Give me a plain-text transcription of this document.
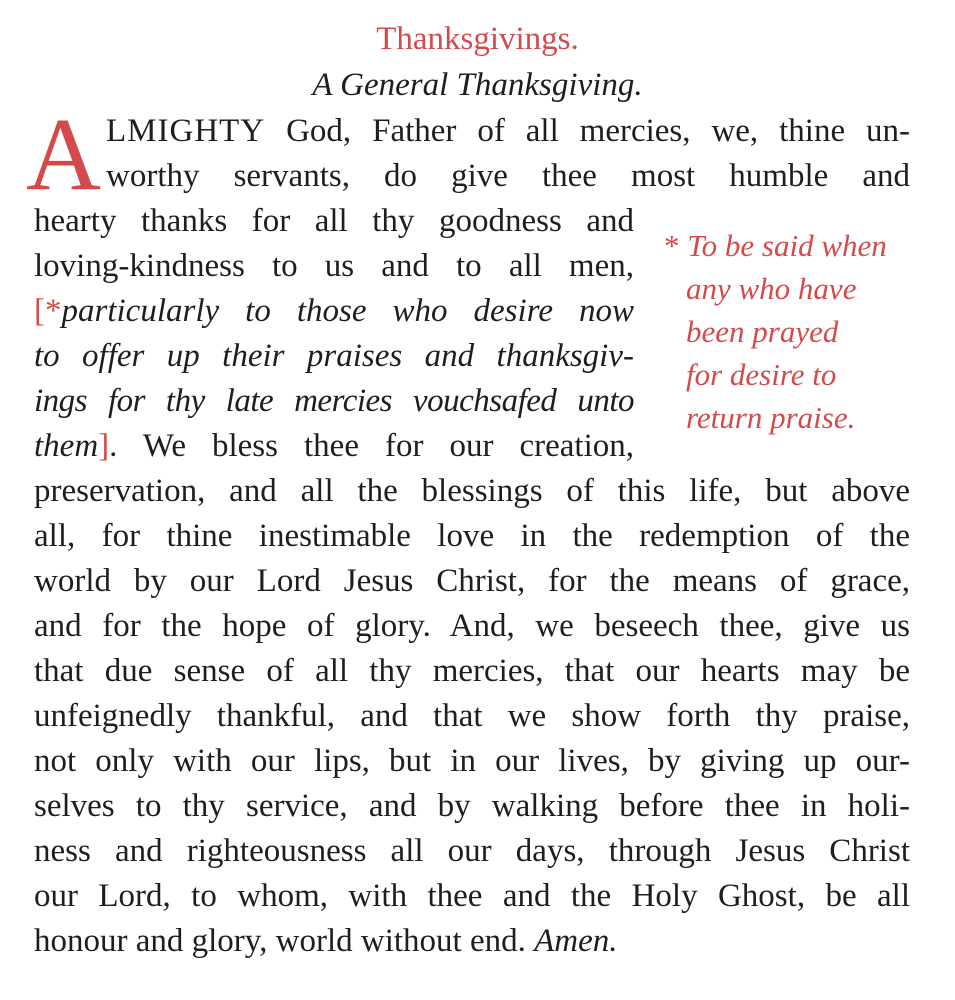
Thanksgivings.
A General Thanksgiving.
A LMIGHTY God, Father of all mercies, we, thine un-
worthy servants, do give thee most humble and
hearty thanks for all thy goodness and
loving-kindness to us and to all men,
[*particularly to those who desire now
to offer up their praises and thanksgiv-
ings for thy late mercies vouchsafed unto
them]. We bless thee for our creation,
preservation, and all the blessings of this life, but above
all, for thine inestimable love in the redemption of the
world by our Lord Jesus Christ, for the means of grace,
and for the hope of glory. And, we beseech thee, give us
that due sense of all thy mercies, that our hearts may be
unfeignedly thankful, and that we show forth thy praise,
not only with our lips, but in our lives, by giving up our-
selves to thy service, and by walking before thee in holi-
ness and righteousness all our days, through Jesus Christ
our Lord, to whom, with thee and the Holy Ghost, be all
honour and glory, world without end. Amen.
* To be said when
any who have
been prayed
for desire to
return praise.
